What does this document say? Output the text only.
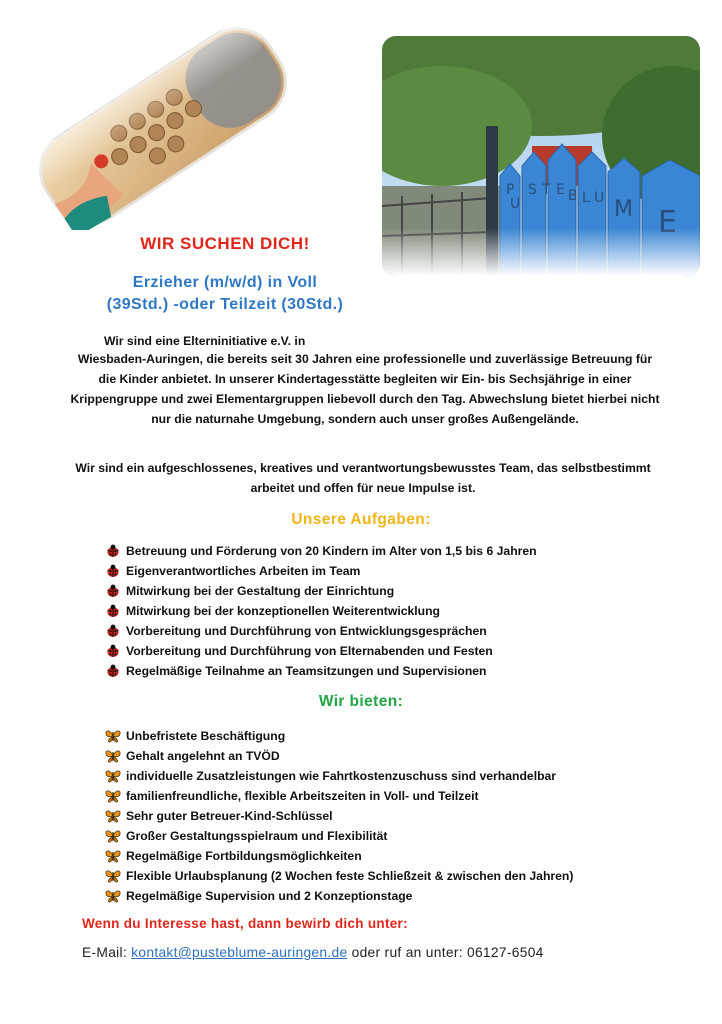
WIR SUCHEN DICH!
Erzieher (m/w/d) in Voll
(39Std.) -oder Teilzeit (30Std.)
Wir sind eine Elterninitiative e.V. in
Wiesbaden-Auringen, die bereits seit 30 Jahren eine professionelle und zuverlässige Betreuung für die Kinder anbietet. In unserer Kindertagesstätte begleiten wir Ein- bis Sechsjährige in einer Krippengruppe und zwei Elementargruppen liebevoll durch den Tag. Abwechslung bietet hierbei nicht nur die naturnahe Umgebung, sondern auch unser großes Außengelände.
Wir sind ein aufgeschlossenes, kreatives und verantwortungsbewusstes Team, das selbstbestimmt arbeitet und offen für neue Impulse ist.
Unsere Aufgaben:
Betreuung und Förderung von 20 Kindern im Alter von 1,5 bis 6 Jahren
Eigenverantwortliches Arbeiten im Team
Mitwirkung bei der Gestaltung der Einrichtung
Mitwirkung bei der konzeptionellen Weiterentwicklung
Vorbereitung und Durchführung von Entwicklungsgesprächen
Vorbereitung und Durchführung von Elternabenden und Festen
Regelmäßige Teilnahme an Teamsitzungen und Supervisionen
Wir bieten:
Unbefristete Beschäftigung
Gehalt angelehnt an TVÖD
individuelle Zusatzleistungen wie Fahrtkostenzuschuss sind verhandelbar
familienfreundliche, flexible Arbeitszeiten in Voll- und Teilzeit
Sehr guter Betreuer-Kind-Schlüssel
Großer Gestaltungsspielraum und Flexibilität
Regelmäßige Fortbildungsmöglichkeiten
Flexible Urlaubsplanung (2 Wochen feste Schließzeit & zwischen den Jahren)
Regelmäßige Supervision und 2 Konzeptionstage
Wenn du Interesse hast, dann bewirb dich unter:
E-Mail: kontakt@pusteblume-auringen.de oder ruf an unter: 06127-6504
